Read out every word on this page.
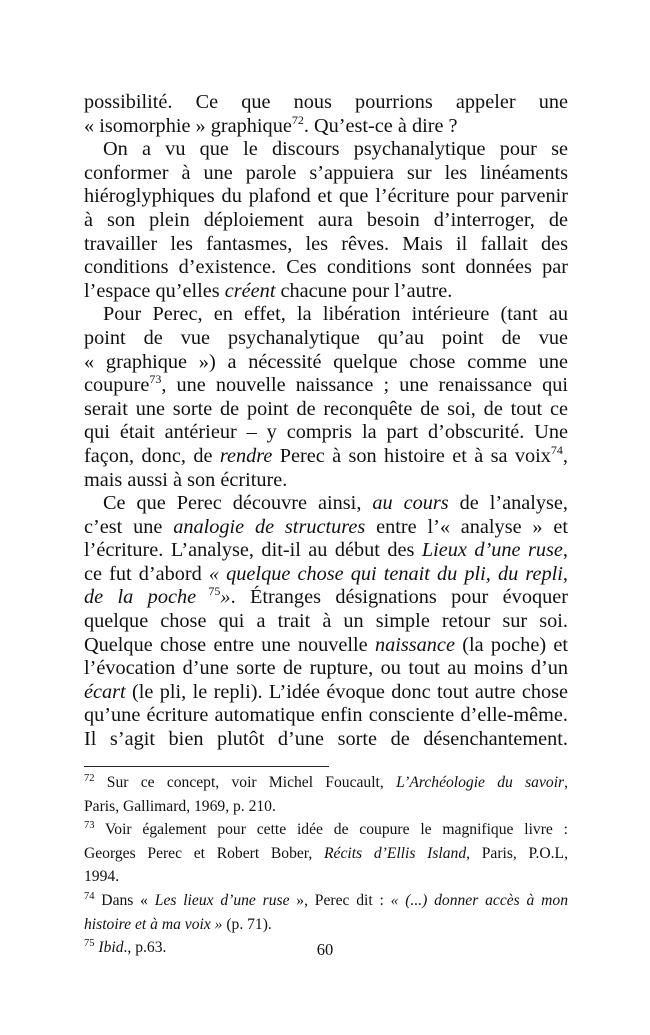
possibilité. Ce que nous pourrions appeler une
« isomorphie » graphique$^{72}$. Qu’est-ce à dire ?
On a vu que le discours psychanalytique pour se
conformer à une parole s’appuiera sur les linéaments
hiéroglyphiques du plafond et que l’écriture pour parvenir
à son plein déploiement aura besoin d’interroger, de
travailler les fantasmes, les rêves. Mais il fallait des
conditions d’existence. Ces conditions sont données par
l’espace qu’elles créent chacune pour l’autre.
Pour Perec, en effet, la libération intérieure (tant au
point de vue psychanalytique qu’au point de vue
« graphique ») a nécessité quelque chose comme une
coupure$^{73}$, une nouvelle naissance ; une renaissance qui
serait une sorte de point de reconquête de soi, de tout ce
qui était antérieur – y compris la part d’obscurité. Une
façon, donc, de rendre Perec à son histoire et à sa voix$^{74}$,
mais aussi à son écriture.
Ce que Perec découvre ainsi, au cours de l’analyse,
c’est une analogie de structures entre l’« analyse » et
l’écriture. L’analyse, dit-il au début des Lieux d’une ruse,
ce fut d’abord « quelque chose qui tenait du pli, du repli,
de la poche $^{75}$». Étranges désignations pour évoquer
quelque chose qui a trait à un simple retour sur soi.
Quelque chose entre une nouvelle naissance (la poche) et
l’évocation d’une sorte de rupture, ou tout au moins d’un
écart (le pli, le repli). L’idée évoque donc tout autre chose
qu’une écriture automatique enfin consciente d’elle-même.
Il s’agit bien plutôt d’une sorte de désenchantement.
$^{72}$ Sur ce concept, voir Michel Foucault, L’Archéologie du savoir,
Paris, Gallimard, 1969, p. 210.
$^{73}$ Voir également pour cette idée de coupure le magnifique livre :
Georges Perec et Robert Bober, Récits d’Ellis Island, Paris, P.O.L,
1994.
$^{74}$ Dans « Les lieux d’une ruse », Perec dit : « (...) donner accès à mon
histoire et à ma voix » (p. 71).
$^{75}$ Ibid., p.63.	60
